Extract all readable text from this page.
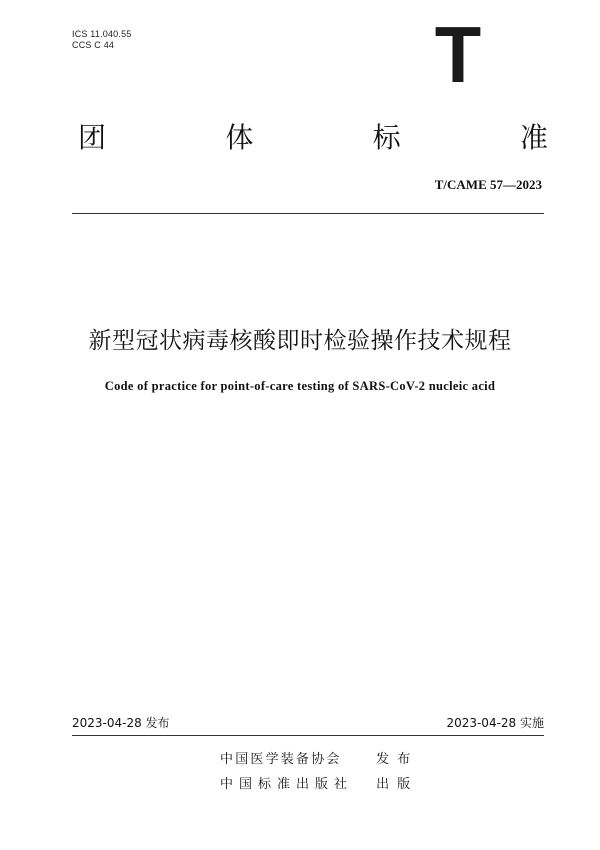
ICS 11.040.55
CCS C 44	T
团	体	标	准
T/CAME 57—2023
新型冠状病毒核酸即时检验操作技术规程
Code of practice for point-of-care testing of SARS-CoV-2 nucleic acid
2023-04-28 发布	2023-04-28 实施
中国医学装备协会	发布
中国标准出版社 出版
